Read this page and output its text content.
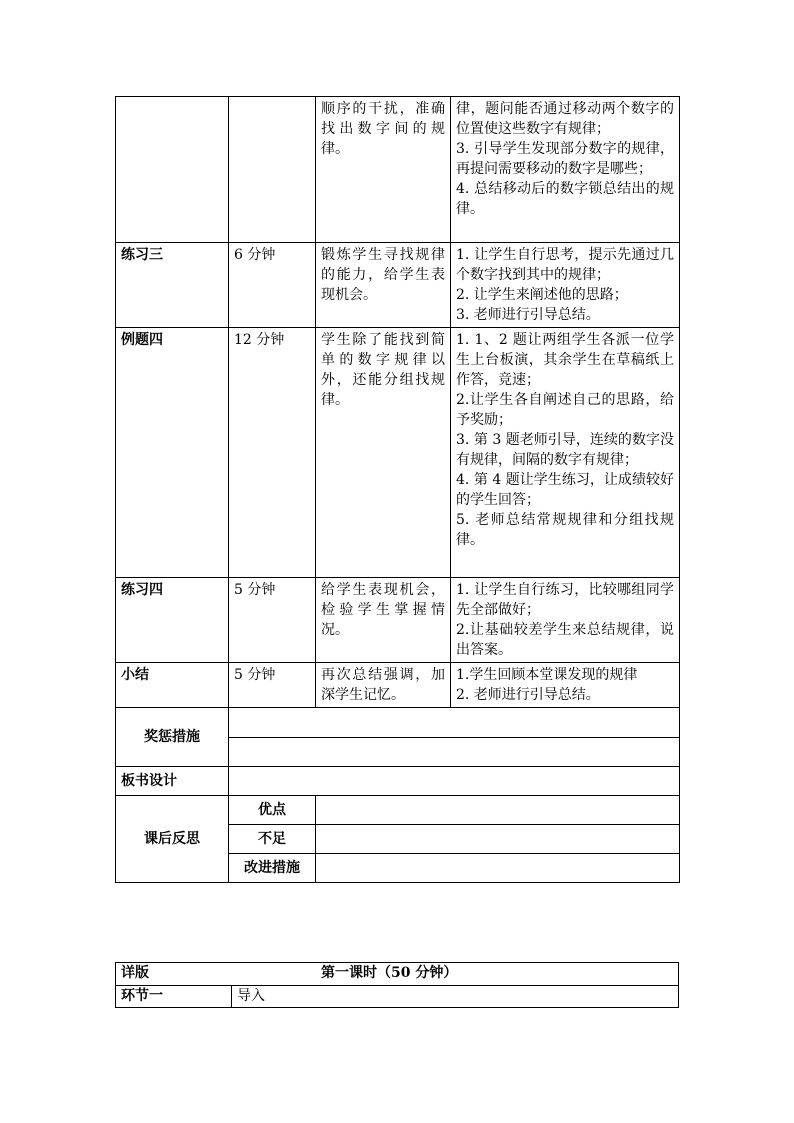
		顺序的干扰，准确找出数字间的规律。	律，题问能否通过移动两个数字的位置使这些数字有规律；
3. 引导学生发现部分数字的规律，再提问需要移动的数字是哪些；
4. 总结移动后的数字锁总结出的规律。

练习三	6 分钟	锻炼学生寻找规律的能力，给学生表现机会。	1. 让学生自行思考，提示先通过几个数字找到其中的规律；
2. 让学生来阐述他的思路；
3. 老师进行引导总结。

例题四	12 分钟	学生除了能找到简单的数字规律以外，还能分组找规律。	1. 1、2 题让两组学生各派一位学生上台板演，其余学生在草稿纸上作答，竞速；
2.让学生各自阐述自己的思路，给予奖励；
3. 第 3 题老师引导，连续的数字没有规律，间隔的数字有规律；
4. 第 4 题让学生练习，让成绩较好的学生回答；
5. 老师总结常规规律和分组找规律。

练习四	5 分钟	给学生表现机会，检验学生掌握情况。	1. 让学生自行练习，比较哪组同学先全部做好；
2.让基础较差学生来总结规律，说出答案。

小结	5 分钟	再次总结强调，加深学生记忆。	1.学生回顾本堂课发现的规律
2. 老师进行引导总结。

奖惩措施			

板书设计			
课后反思	优点		
	不足		
	改进措施		
详版	第一课时（50 分钟）

环节一	导入
